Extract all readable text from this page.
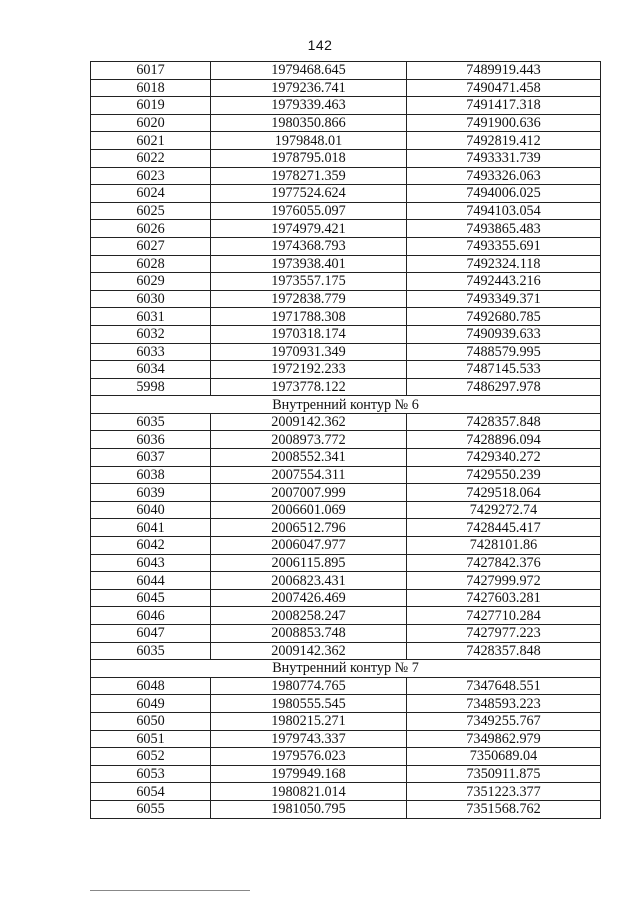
142
6017	1979468.645	7489919.443
6018	1979236.741	7490471.458
6019	1979339.463	7491417.318
6020	1980350.866	7491900.636
6021	1979848.01	7492819.412
6022	1978795.018	7493331.739
6023	1978271.359	7493326.063
6024	1977524.624	7494006.025
6025	1976055.097	7494103.054
6026	1974979.421	7493865.483
6027	1974368.793	7493355.691
6028	1973938.401	7492324.118
6029	1973557.175	7492443.216
6030	1972838.779	7493349.371
6031	1971788.308	7492680.785
6032	1970318.174	7490939.633
6033	1970931.349	7488579.995
6034	1972192.233	7487145.533
5998	1973778.122	7486297.978
Внутренний контур № 6		
6035	2009142.362	7428357.848
6036	2008973.772	7428896.094
6037	2008552.341	7429340.272
6038	2007554.311	7429550.239
6039	2007007.999	7429518.064
6040	2006601.069	7429272.74
6041	2006512.796	7428445.417
6042	2006047.977	7428101.86
6043	2006115.895	7427842.376
6044	2006823.431	7427999.972
6045	2007426.469	7427603.281
6046	2008258.247	7427710.284
6047	2008853.748	7427977.223
6035	2009142.362	7428357.848
Внутренний контур № 7		
6048	1980774.765	7347648.551
6049	1980555.545	7348593.223
6050	1980215.271	7349255.767
6051	1979743.337	7349862.979
6052	1979576.023	7350689.04
6053	1979949.168	7350911.875
6054	1980821.014	7351223.377
6055	1981050.795	7351568.762
